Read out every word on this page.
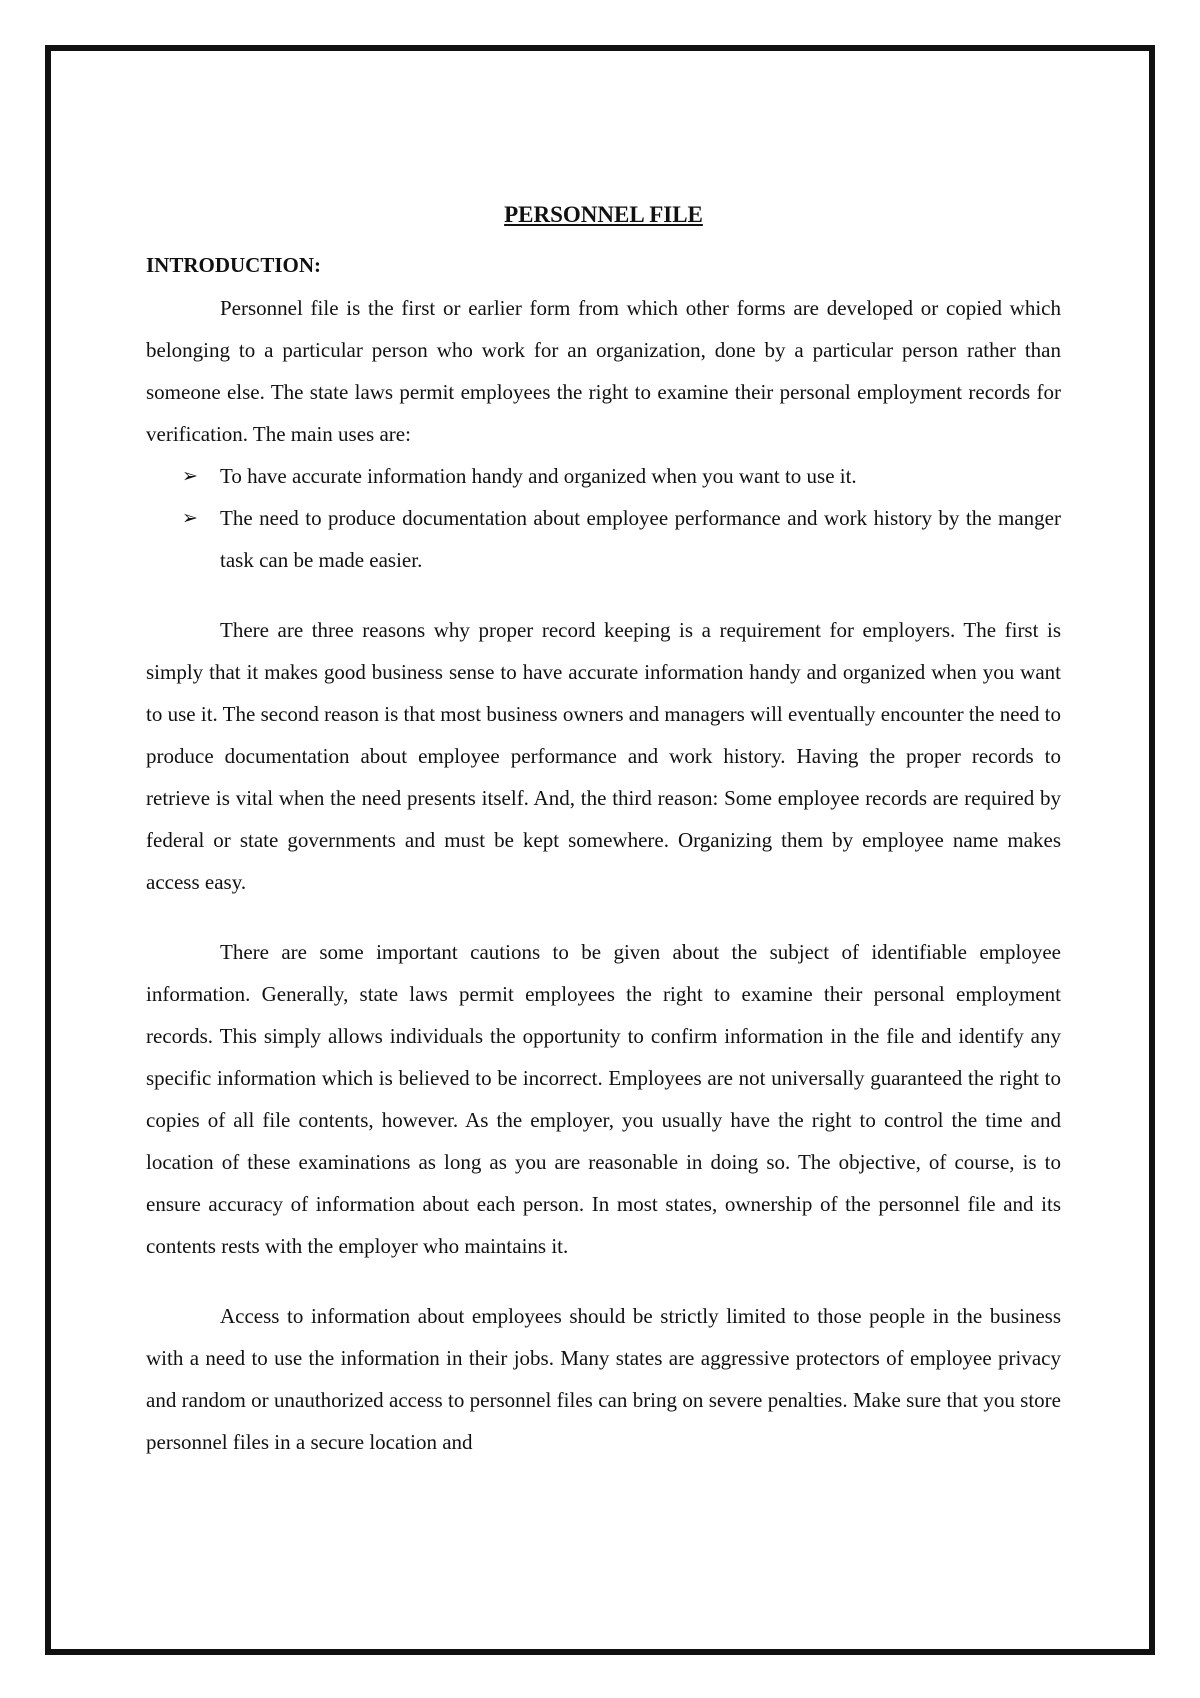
PERSONNEL FILE
INTRODUCTION:

Personnel file is the first or earlier form from which other forms are developed or copied which belonging to a particular person who work for an organization, done by a particular person rather than someone else. The state laws permit employees the right to examine their personal employment records for verification. The main uses are:

➢ To have accurate information handy and organized when you want to use it.
➢ The need to produce documentation about employee performance and work history by the manger task can be made easier.

There are three reasons why proper record keeping is a requirement for employers. The first is simply that it makes good business sense to have accurate information handy and organized when you want to use it. The second reason is that most business owners and managers will eventually encounter the need to produce documentation about employee performance and work history. Having the proper records to retrieve is vital when the need presents itself. And, the third reason: Some employee records are required by federal or state governments and must be kept somewhere. Organizing them by employee name makes access easy.

There are some important cautions to be given about the subject of identifiable employee information. Generally, state laws permit employees the right to examine their personal employment records. This simply allows individuals the opportunity to confirm information in the file and identify any specific information which is believed to be incorrect. Employees are not universally guaranteed the right to copies of all file contents, however. As the employer, you usually have the right to control the time and location of these examinations as long as you are reasonable in doing so. The objective, of course, is to ensure accuracy of information about each person. In most states, ownership of the personnel file and its contents rests with the employer who maintains it.

Access to information about employees should be strictly limited to those people in the business with a need to use the information in their jobs. Many states are aggressive protectors of employee privacy and random or unauthorized access to personnel files can bring on severe penalties. Make sure that you store personnel files in a secure location and
